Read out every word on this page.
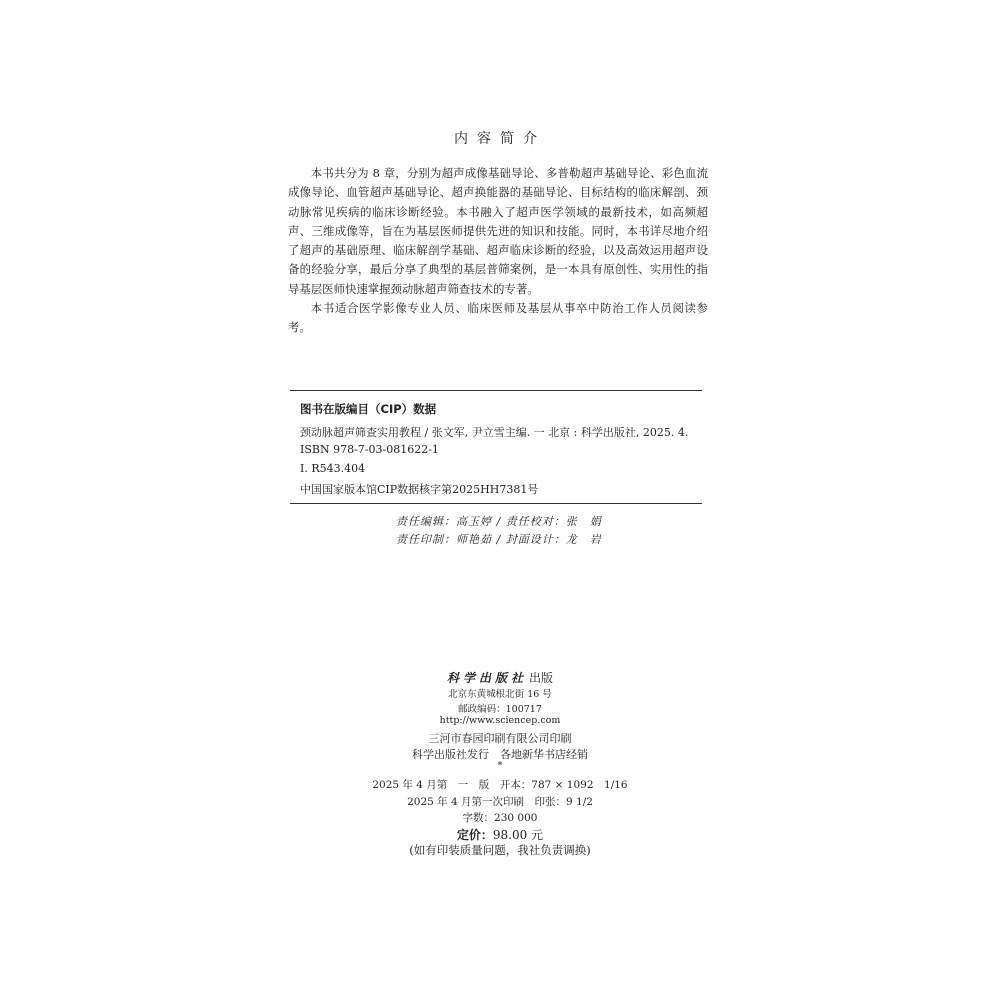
内容简介

本书共分为 8 章，分别为超声成像基础导论、多普勒超声基础导论、彩色血流成像导论、血管超声基础导论、超声换能器的基础导论、目标结构的临床解剖、颈动脉常见疾病的临床诊断经验。本书融入了超声医学领域的最新技术，如高频超声、三维成像等，旨在为基层医师提供先进的知识和技能。同时，本书详尽地介绍了超声的基础原理、临床解剖学基础、超声临床诊断的经验，以及高效运用超声设备的经验分享，最后分享了典型的基层普筛案例，是一本具有原创性、实用性的指导基层医师快速掌握颈动脉超声筛查技术的专著。

本书适合医学影像专业人员、临床医师及基层从事卒中防治工作人员阅读参考。

图书在版编目（CIP）数据
颈动脉超声筛查实用教程 / 张文军, 尹立雪主编. 一 北京 : 科学出版社, 2025. 4.
ISBN 978-7-03-081622-1
Ⅰ. R543.404
中国国家版本馆CIP数据核字第2025HH7381号
责任编辑：高玉婷 / 责任校对：张　娟
责任印制：师艳茹 / 封面设计：龙　岩
科学出版社 出版
北京东黄城根北街 16 号
邮政编码：100717
http://www.sciencep.com
三河市春园印刷有限公司印刷
科学出版社发行　各地新华书店经销
*
2025 年 4 月第　一　版　开本：787 × 1092　1/16
2025 年 4 月第一次印刷　印张：9 1/2
字数：230 000
定价：98.00 元
(如有印装质量问题，我社负责调换)
